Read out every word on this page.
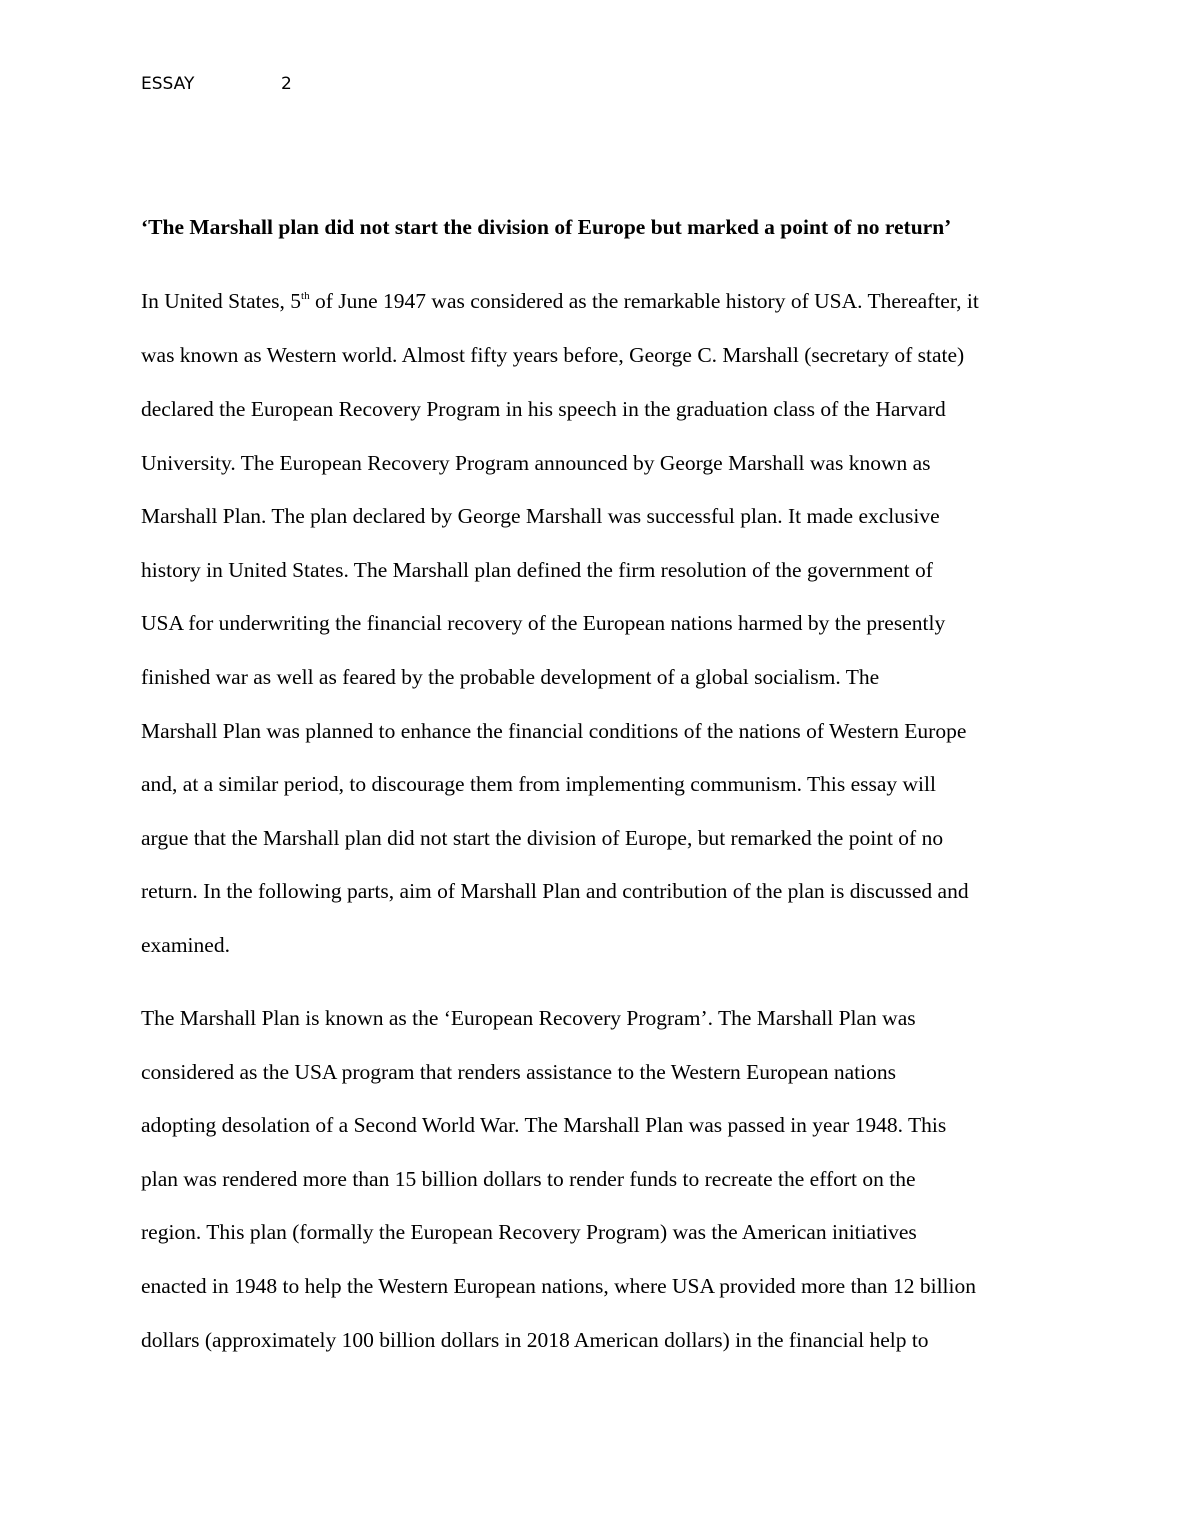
ESSAY	2
‘The Marshall plan did not start the division of Europe but marked a point of no return’
In United States, 5th of June 1947 was considered as the remarkable history of USA. Thereafter, it
was known as Western world. Almost fifty years before, George C. Marshall (secretary of state)
declared the European Recovery Program in his speech in the graduation class of the Harvard
University. The European Recovery Program announced by George Marshall was known as
Marshall Plan. The plan declared by George Marshall was successful plan. It made exclusive
history in United States. The Marshall plan defined the firm resolution of the government of
USA for underwriting the financial recovery of the European nations harmed by the presently
finished war as well as feared by the probable development of a global socialism. The
Marshall Plan was planned to enhance the financial conditions of the nations of Western Europe
and, at a similar period, to discourage them from implementing communism. This essay will
argue that the Marshall plan did not start the division of Europe, but remarked the point of no
return. In the following parts, aim of Marshall Plan and contribution of the plan is discussed and
examined.
The Marshall Plan is known as the ‘European Recovery Program’. The Marshall Plan was
considered as the USA program that renders assistance to the Western European nations
adopting desolation of a Second World War. The Marshall Plan was passed in year 1948. This
plan was rendered more than 15 billion dollars to render funds to recreate the effort on the
region. This plan (formally the European Recovery Program) was the American initiatives
enacted in 1948 to help the Western European nations, where USA provided more than 12 billion
dollars (approximately 100 billion dollars in 2018 American dollars) in the financial help to
